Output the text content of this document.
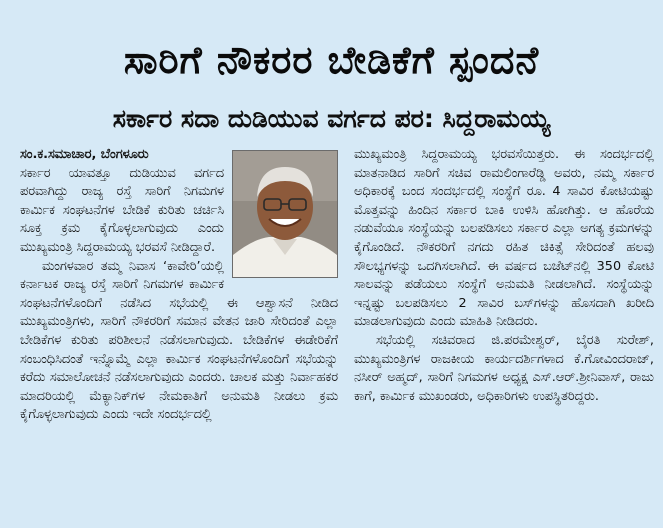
ಸಾರಿಗೆ ನೌಕರರ ಬೇಡಿಕೆಗೆ ಸ್ಪಂದನೆ
ಸರ್ಕಾರ ಸದಾ ದುಡಿಯುವ ವರ್ಗದ ಪರ: ಸಿದ್ದರಾಮಯ್ಯ

ಸಂ.ಕ.ಸಮಾಚಾರ, ಬೆಂಗಳೂರು

ಸರ್ಕಾರ ಯಾವತ್ತೂ ದುಡಿಯುವ ವರ್ಗದ ಪರವಾಗಿದ್ದು ರಾಜ್ಯ ರಸ್ತೆ ಸಾರಿಗೆ ನಿಗಮಗಳ ಕಾರ್ಮಿಕ ಸಂಘಟನೆಗಳ ಬೇಡಿಕೆ ಕುರಿತು ಚರ್ಚಿಸಿ ಸೂಕ್ತ ಕ್ರಮ ಕೈಗೊಳ್ಳಲಾಗುವುದು ಎಂದು ಮುಖ್ಯಮಂತ್ರಿ ಸಿದ್ದರಾಮಯ್ಯ ಭರವಸೆ ನೀಡಿದ್ದಾರೆ.

ಮಂಗಳವಾರ ತಮ್ಮ ನಿವಾಸ ‘ಕಾವೇರಿ’ಯಲ್ಲಿ ಕರ್ನಾಟಕ ರಾಜ್ಯ ರಸ್ತೆ ಸಾರಿಗೆ ನಿಗಮಗಳ ಕಾರ್ಮಿಕ ಸಂಘಟನೆಗಳೊಂದಿಗೆ ನಡೆಸಿದ ಸಭೆಯಲ್ಲಿ ಈ ಆಶ್ವಾಸನೆ ನೀಡಿದ ಮುಖ್ಯಮಂತ್ರಿಗಳು, ಸಾರಿಗೆ ನೌಕರರಿಗೆ ಸಮಾನ ವೇತನ ಜಾರಿ ಸೇರಿದಂತೆ ಎಲ್ಲಾ ಬೇಡಿಕೆಗಳ ಕುರಿತು ಪರಿಶೀಲನೆ ನಡೆಸಲಾಗುವುದು. ಬೇಡಿಕೆಗಳ ಈಡೇರಿಕೆಗೆ ಸಂಬಂಧಿಸಿದಂತೆ ಇನ್ನೊಮ್ಮೆ ಎಲ್ಲಾ ಕಾರ್ಮಿಕ ಸಂಘಟನೆಗಳೊಂದಿಗೆ ಸಭೆಯನ್ನು ಕರೆದು ಸಮಾಲೋಚನೆ ನಡೆಸಲಾಗುವುದು ಎಂದರು. ಚಾಲಕ ಮತ್ತು ನಿರ್ವಾಹಕರ ಮಾದರಿಯಲ್ಲಿ ಮೆಕ್ಯಾನಿಕ್‌ಗಳ ನೇಮಕಾತಿಗೆ ಅನುಮತಿ ನೀಡಲು ಕ್ರಮ ಕೈಗೊಳ್ಳಲಾಗುವುದು ಎಂದು ಇದೇ ಸಂದರ್ಭದಲ್ಲಿ

ಮುಖ್ಯಮಂತ್ರಿ ಸಿದ್ದರಾಮಯ್ಯ ಭರವಸೆಯಿತ್ತರು. ಈ ಸಂದರ್ಭದಲ್ಲಿ ಮಾತನಾಡಿದ ಸಾರಿಗೆ ಸಚಿವ ರಾಮಲಿಂಗಾರೆಡ್ಡಿ ಅವರು, ನಮ್ಮ ಸರ್ಕಾರ ಅಧಿಕಾರಕ್ಕೆ ಬಂದ ಸಂದರ್ಭದಲ್ಲಿ ಸಂಸ್ಥೆಗೆ ರೂ. 4 ಸಾವಿರ ಕೋಟಿಯಷ್ಟು ಮೊತ್ತವನ್ನು ಹಿಂದಿನ ಸರ್ಕಾರ ಬಾಕಿ ಉಳಿಸಿ ಹೋಗಿತ್ತು. ಆ ಹೊರೆಯ ನಡುವೆಯೂ ಸಂಸ್ಥೆಯನ್ನು ಬಲಪಡಿಸಲು ಸರ್ಕಾರ ಎಲ್ಲಾ ಅಗತ್ಯ ಕ್ರಮಗಳನ್ನು ಕೈಗೊಂಡಿದೆ. ನೌಕರರಿಗೆ ನಗದು ರಹಿತ ಚಿಕಿತ್ಸೆ ಸೇರಿದಂತೆ ಹಲವು ಸೌಲಭ್ಯಗಳನ್ನು ಒದಗಿಸಲಾಗಿದೆ. ಈ ವರ್ಷದ ಬಜೆಟ್‌ನಲ್ಲಿ 350 ಕೋಟಿ ಸಾಲವನ್ನು ಪಡೆಯಲು ಸಂಸ್ಥೆಗೆ ಅನುಮತಿ ನೀಡಲಾಗಿದೆ. ಸಂಸ್ಥೆಯನ್ನು ಇನ್ನಷ್ಟು ಬಲಪಡಿಸಲು 2 ಸಾವಿರ ಬಸ್‌ಗಳನ್ನು ಹೊಸದಾಗಿ ಖರೀದಿ ಮಾಡಲಾಗುವುದು ಎಂದು ಮಾಹಿತಿ ನೀಡಿದರು.

ಸಭೆಯಲ್ಲಿ ಸಚಿವರಾದ ಜಿ.ಪರಮೇಶ್ವರ್, ಬೈರತಿ ಸುರೇಶ್, ಮುಖ್ಯಮಂತ್ರಿಗಳ ರಾಜಕೀಯ ಕಾರ್ಯದರ್ಶಿಗಳಾದ ಕೆ.ಗೋವಿಂದರಾಜ್, ನಸೀರ್ ಅಹ್ಮದ್, ಸಾರಿಗೆ ನಿಗಮಗಳ ಅಧ್ಯಕ್ಷ ಎಸ್.ಆರ್.ಶ್ರೀನಿವಾಸ್, ರಾಜು ಕಾಗೆ, ಕಾರ್ಮಿಕ ಮುಖಂಡರು, ಅಧಿಕಾರಿಗಳು ಉಪಸ್ಥಿತರಿದ್ದರು.
